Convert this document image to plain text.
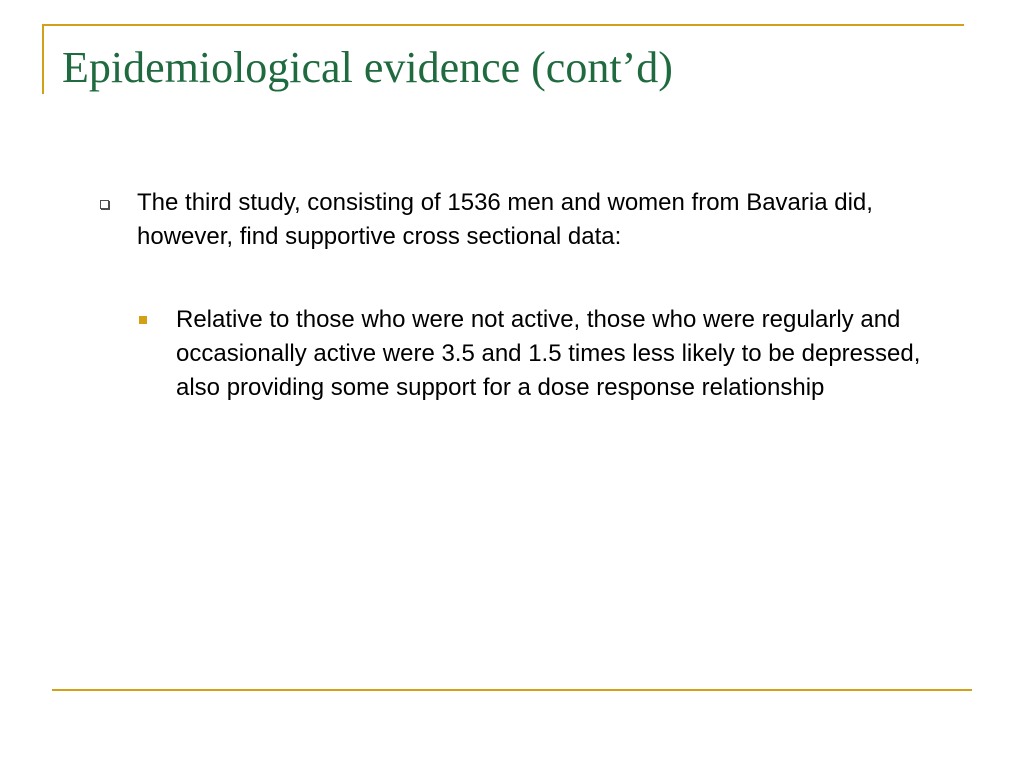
Epidemiological evidence (cont’d)
The third study, consisting of 1536 men and women from Bavaria did, however, find supportive cross sectional data:
Relative to those who were not active, those who were regularly and occasionally active were 3.5 and 1.5 times less likely to be depressed, also providing some support for a dose response relationship
